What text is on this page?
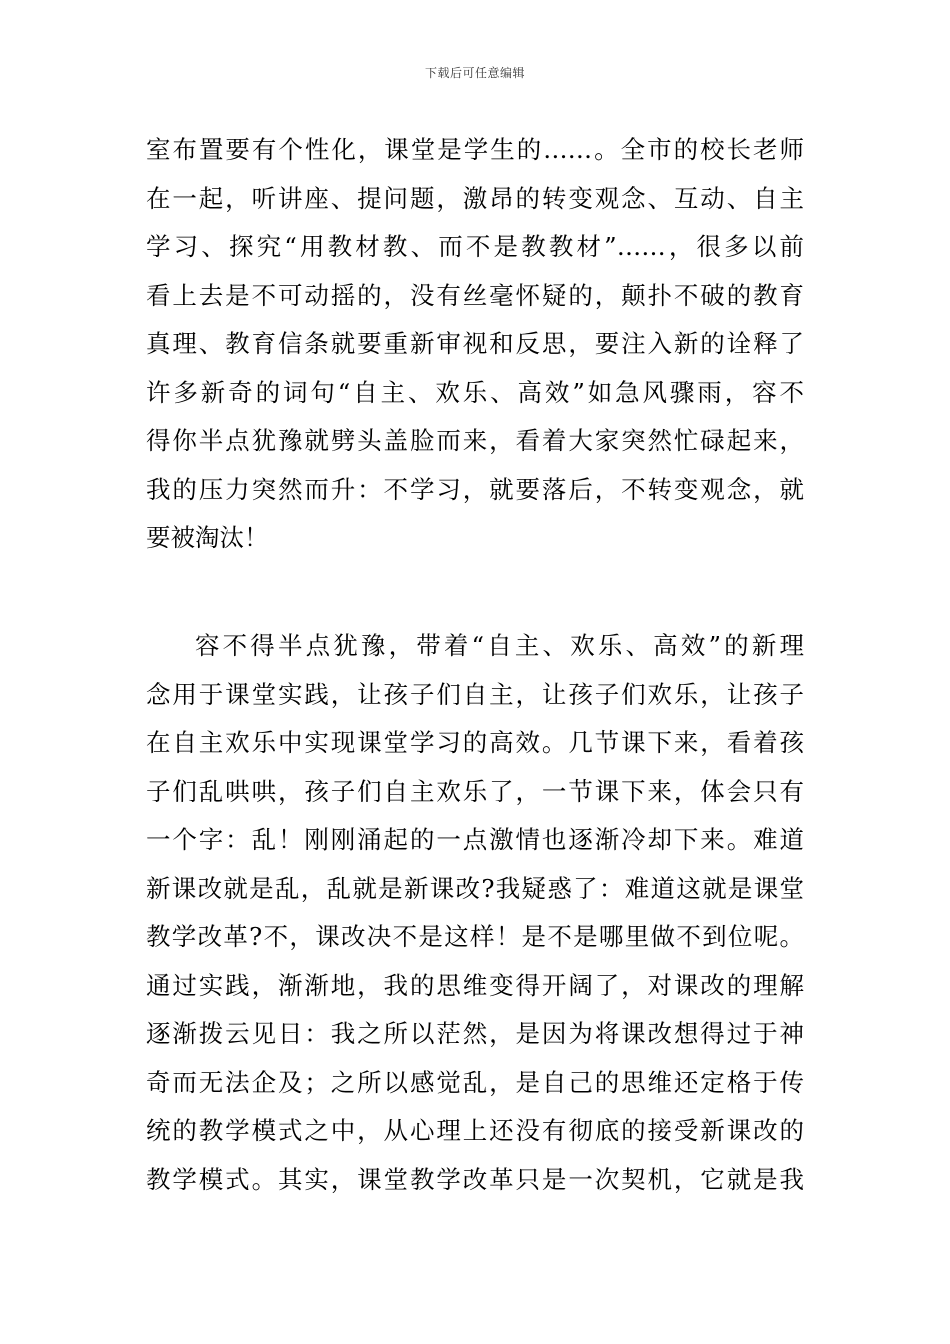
下载后可任意编辑
室布置要有个性化，课堂是学生的……。全市的校长老师
在一起，听讲座、提问题，激昂的转变观念、互动、自主
学习、探究“用教材教、而不是教教材”……，很多以前
看上去是不可动摇的，没有丝毫怀疑的，颠扑不破的教育
真理、教育信条就要重新审视和反思，要注入新的诠释了
许多新奇的词句“自主、欢乐、高效”如急风骤雨，容不
得你半点犹豫就劈头盖脸而来，看着大家突然忙碌起来，
我的压力突然而升：不学习，就要落后，不转变观念，就
要被淘汰！
容不得半点犹豫，带着“自主、欢乐、高效”的新理
念用于课堂实践，让孩子们自主，让孩子们欢乐，让孩子
在自主欢乐中实现课堂学习的高效。几节课下来，看着孩
子们乱哄哄，孩子们自主欢乐了，一节课下来，体会只有
一个字：乱！刚刚涌起的一点激情也逐渐冷却下来。难道
新课改就是乱，乱就是新课改?我疑惑了：难道这就是课堂
教学改革?不，课改决不是这样！是不是哪里做不到位呢。
通过实践，渐渐地，我的思维变得开阔了，对课改的理解
逐渐拨云见日：我之所以茫然，是因为将课改想得过于神
奇而无法企及；之所以感觉乱，是自己的思维还定格于传
统的教学模式之中，从心理上还没有彻底的接受新课改的
教学模式。其实，课堂教学改革只是一次契机，它就是我
